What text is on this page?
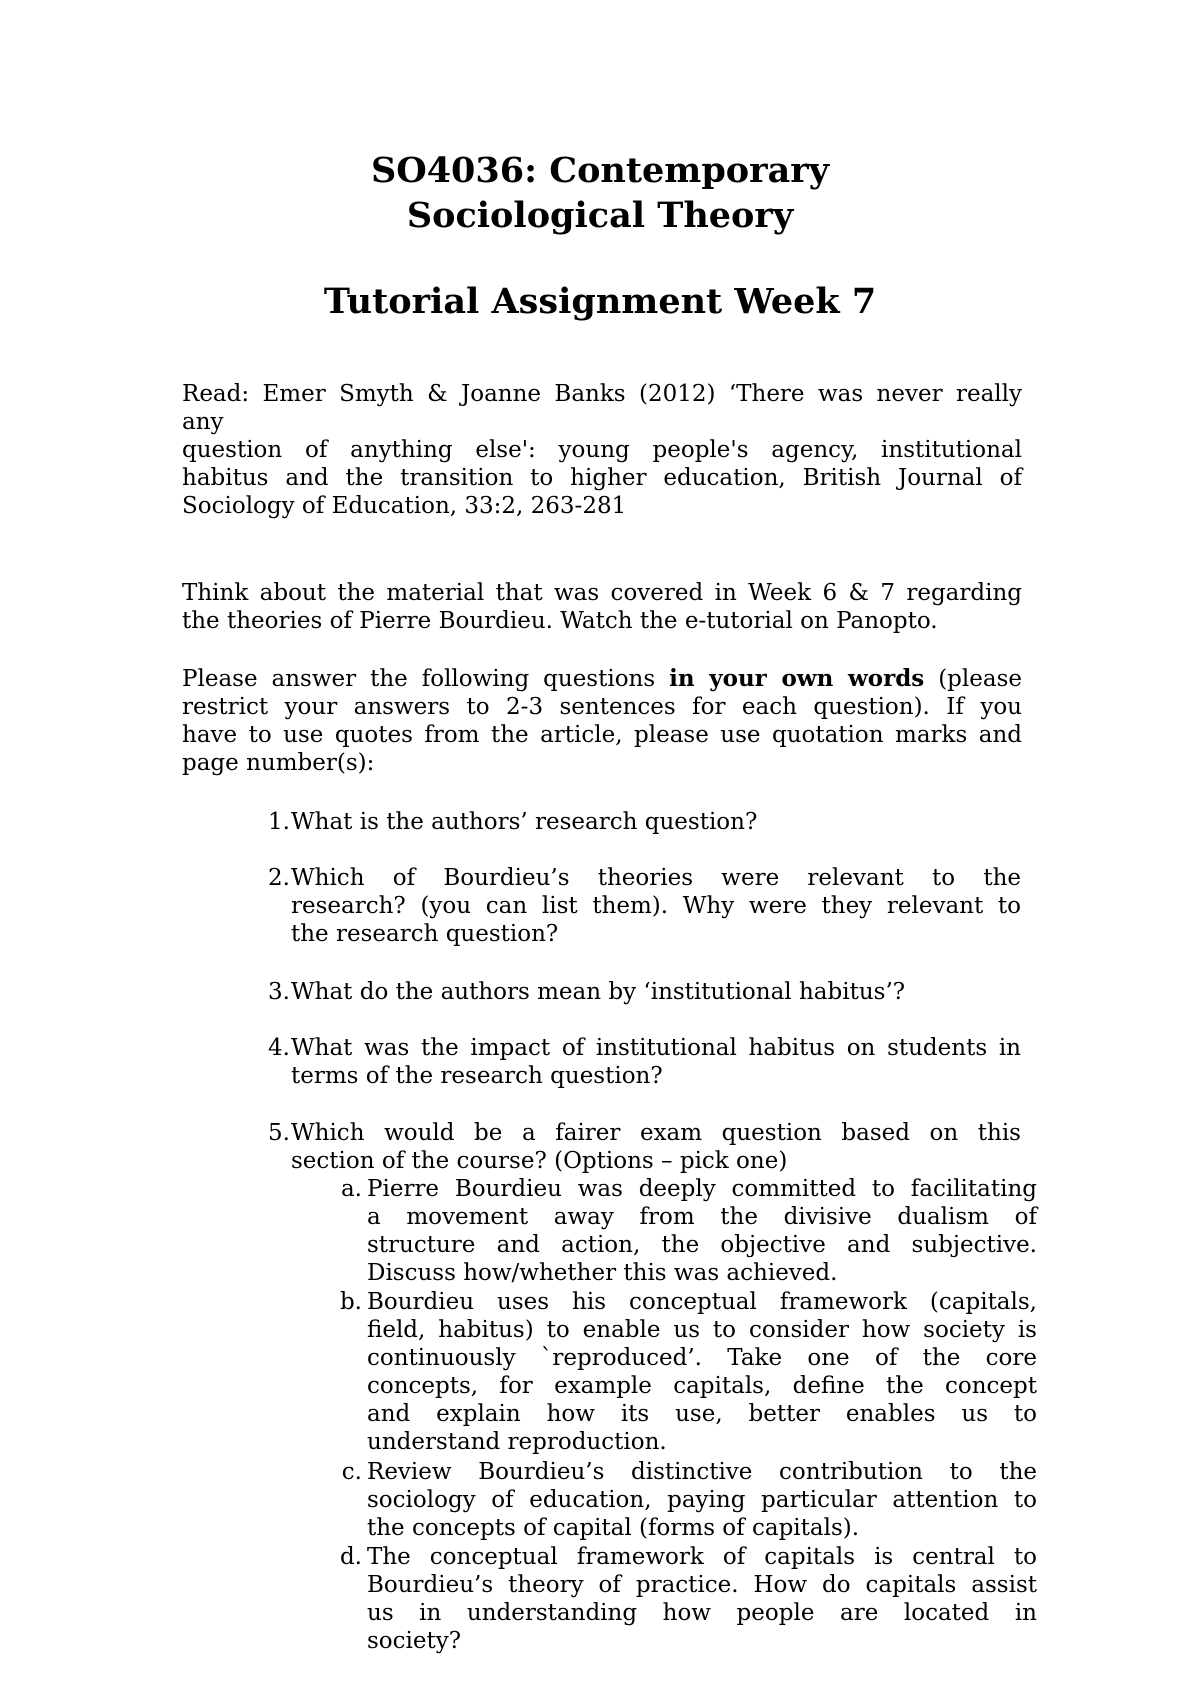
SO4036: Contemporary
Sociological Theory
Tutorial Assignment Week 7
Read: Emer Smyth & Joanne Banks (2012) ‘There was never really
any
question of anything else': young people's agency, institutional
habitus and the transition to higher education, British Journal of
Sociology of Education, 33:2, 263-281
Think about the material that was covered in Week 6 & 7 regarding
the theories of Pierre Bourdieu. Watch the e-tutorial on Panopto.
Please answer the following questions in your own words (please
restrict your answers to 2-3 sentences for each question). If you
have to use quotes from the article, please use quotation marks and
page number(s):
1. What is the authors’ research question?
2. Which of Bourdieu’s theories were relevant to the
research? (you can list them). Why were they relevant to
the research question?
3. What do the authors mean by ‘institutional habitus’?
4. What was the impact of institutional habitus on students in
terms of the research question?
5. Which would be a fairer exam question based on this
section of the course? (Options – pick one)
a. Pierre Bourdieu was deeply committed to facilitating
a movement away from the divisive dualism of
structure and action, the objective and subjective.
Discuss how/whether this was achieved.
b. Bourdieu uses his conceptual framework (capitals,
field, habitus) to enable us to consider how society is
continuously `reproduced’. Take one of the core
concepts, for example capitals, define the concept
and explain how its use, better enables us to
understand reproduction.
c. Review Bourdieu’s distinctive contribution to the
sociology of education, paying particular attention to
the concepts of capital (forms of capitals).
d. The conceptual framework of capitals is central to
Bourdieu’s theory of practice. How do capitals assist
us in understanding how people are located in
society?
